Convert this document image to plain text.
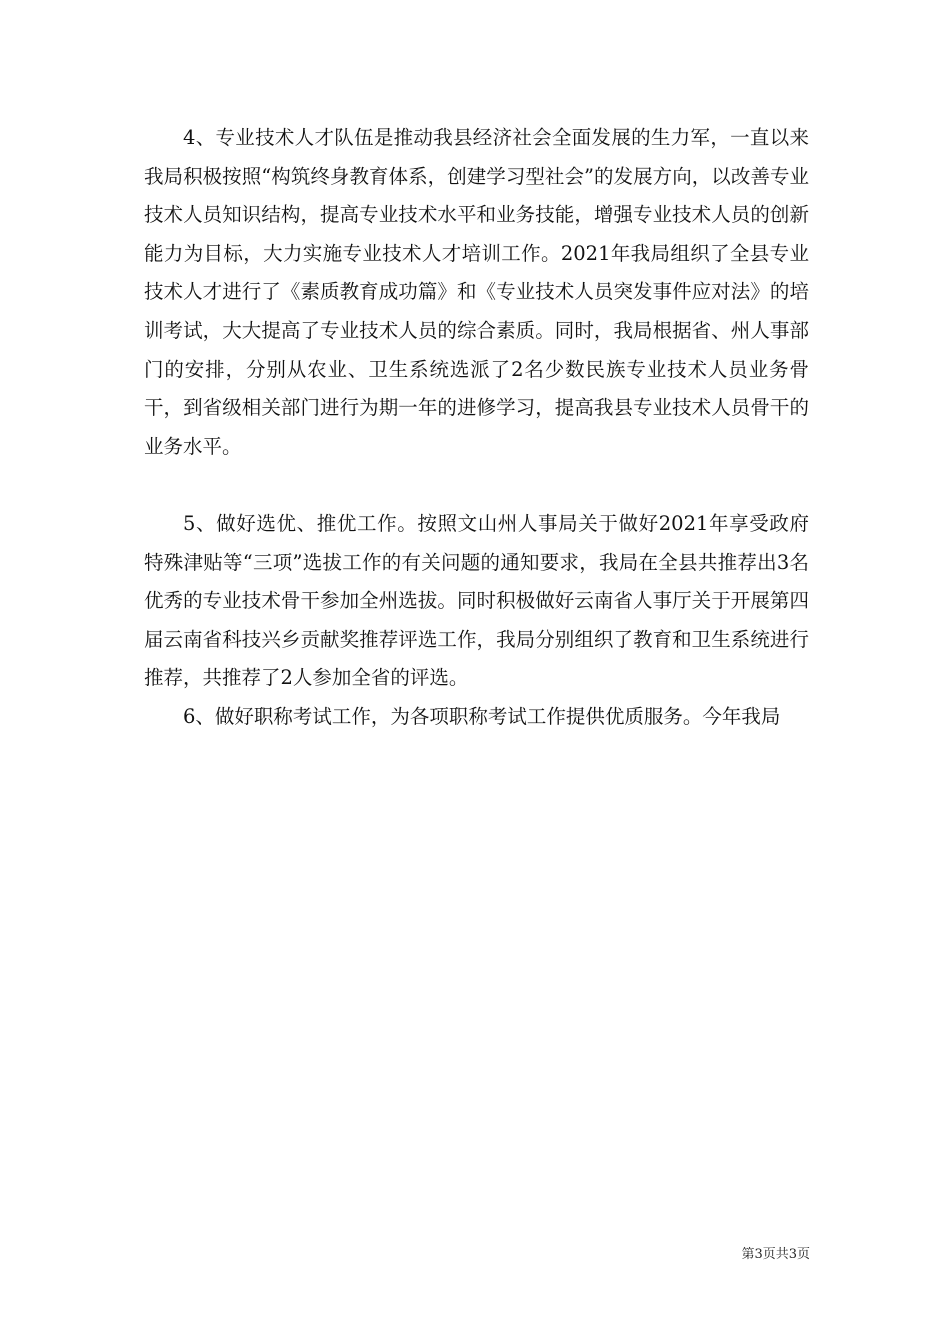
4、专业技术人才队伍是推动我县经济社会全面发展的生力军，一直以来我局积极按照“构筑终身教育体系，创建学习型社会”的发展方向，以改善专业技术人员知识结构，提高专业技术水平和业务技能，增强专业技术人员的创新能力为目标，大力实施专业技术人才培训工作。2021年我局组织了全县专业技术人才进行了《素质教育成功篇》和《专业技术人员突发事件应对法》的培训考试，大大提高了专业技术人员的综合素质。同时，我局根据省、州人事部门的安排，分别从农业、卫生系统选派了2名少数民族专业技术人员业务骨干，到省级相关部门进行为期一年的进修学习，提高我县专业技术人员骨干的业务水平。

5、做好选优、推优工作。按照文山州人事局关于做好2021年享受政府特殊津贴等“三项”选拔工作的有关问题的通知要求，我局在全县共推荐出3名优秀的专业技术骨干参加全州选拔。同时积极做好云南省人事厅关于开展第四届云南省科技兴乡贡献奖推荐评选工作，我局分别组织了教育和卫生系统进行推荐，共推荐了2人参加全省的评选。

6、做好职称考试工作，为各项职称考试工作提供优质服务。今年我局

第3页共3页
